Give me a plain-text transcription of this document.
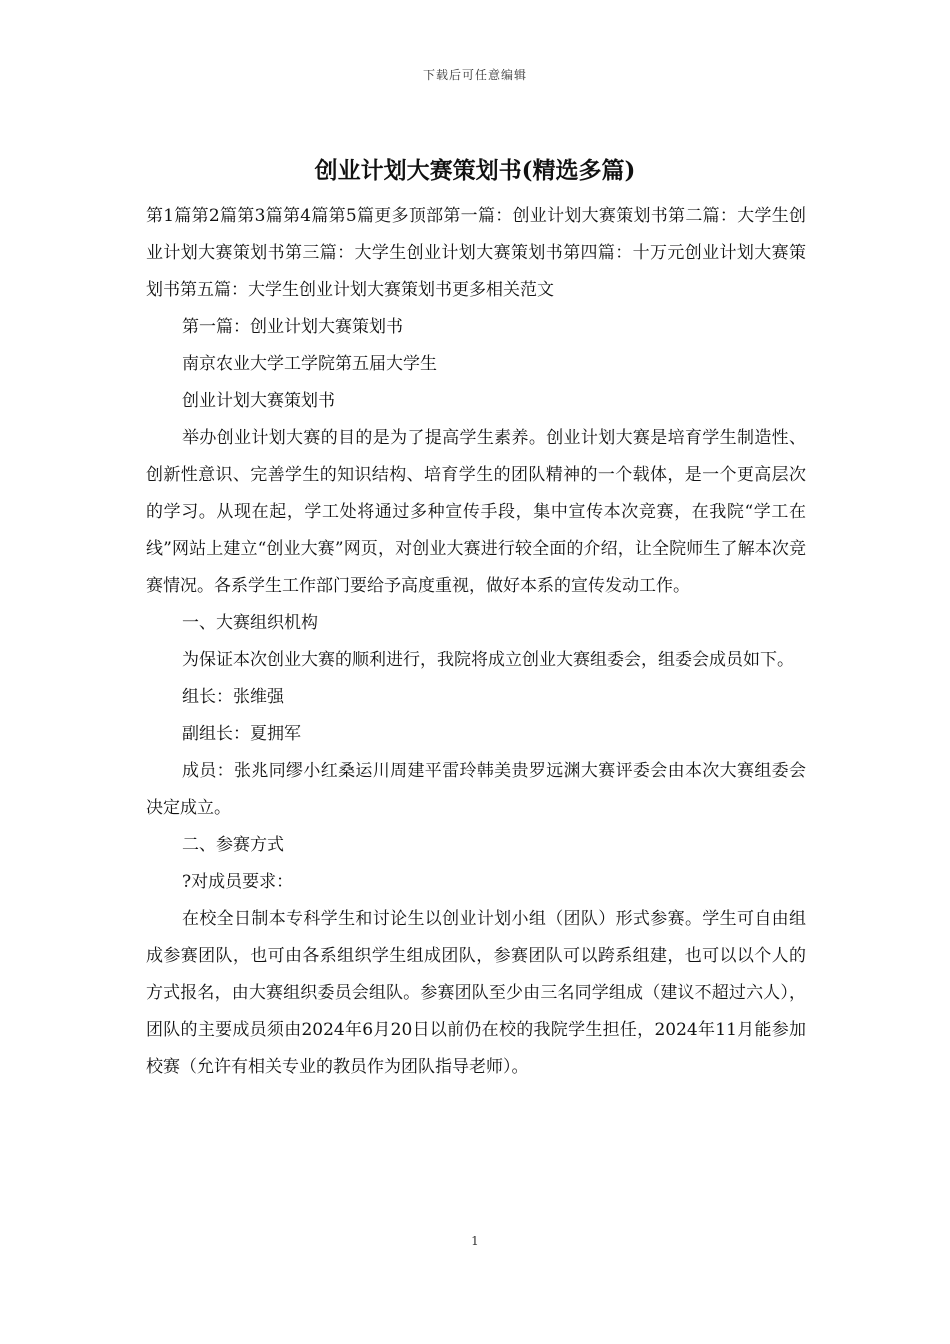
下载后可任意编辑
创业计划大赛策划书(精选多篇)

第1篇第2篇第3篇第4篇第5篇更多顶部第一篇：创业计划大赛策划书第二篇：大学生创业计划大赛策划书第三篇：大学生创业计划大赛策划书第四篇：十万元创业计划大赛策划书第五篇：大学生创业计划大赛策划书更多相关范文

第一篇：创业计划大赛策划书

南京农业大学工学院第五届大学生

创业计划大赛策划书

举办创业计划大赛的目的是为了提高学生素养。创业计划大赛是培育学生制造性、创新性意识、完善学生的知识结构、培育学生的团队精神的一个载体，是一个更高层次的学习。从现在起，学工处将通过多种宣传手段，集中宣传本次竞赛，在我院“学工在线”网站上建立“创业大赛”网页，对创业大赛进行较全面的介绍，让全院师生了解本次竞赛情况。各系学生工作部门要给予高度重视，做好本系的宣传发动工作。

一、大赛组织机构

为保证本次创业大赛的顺利进行，我院将成立创业大赛组委会，组委会成员如下。

组长：张维强

副组长：夏拥军

成员：张兆同缪小红桑运川周建平雷玲韩美贵罗远渊大赛评委会由本次大赛组委会决定成立。

二、参赛方式

?对成员要求：

在校全日制本专科学生和讨论生以创业计划小组（团队）形式参赛。学生可自由组成参赛团队，也可由各系组织学生组成团队，参赛团队可以跨系组建，也可以以个人的方式报名，由大赛组织委员会组队。参赛团队至少由三名同学组成（建议不超过六人），团队的主要成员须由2024年6月20日以前仍在校的我院学生担任，2024年11月能参加校赛（允许有相关专业的教员作为团队指导老师）。

1
